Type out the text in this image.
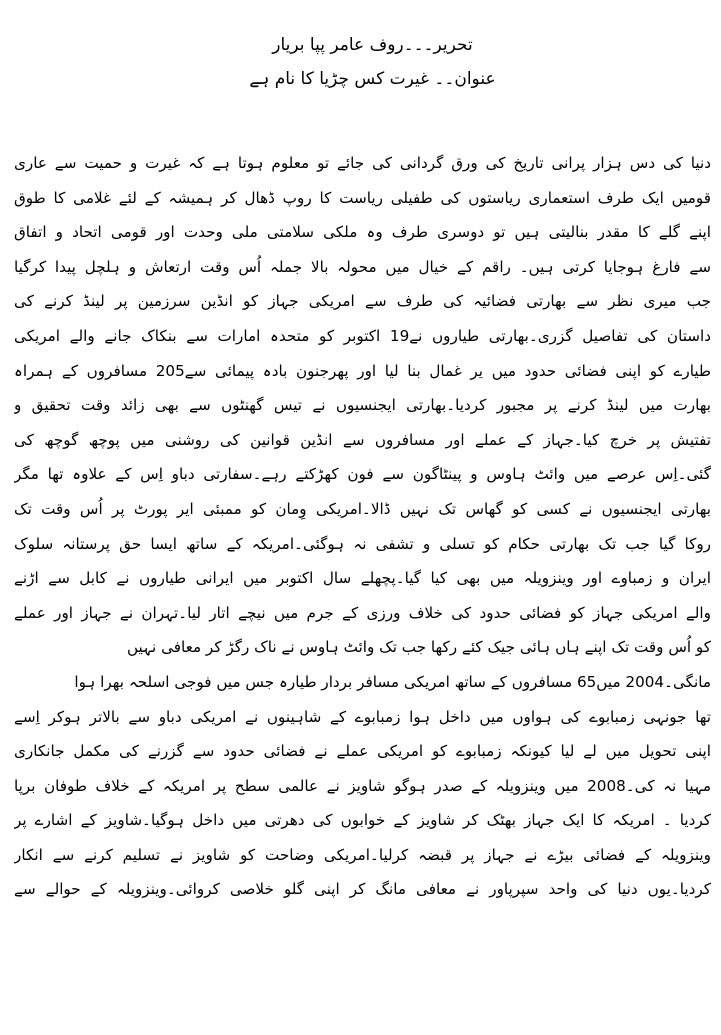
تحریر۔۔۔روف عامر پپا بریار
عنوان۔۔ غیرت کس چڑیا کا نام ہے
دنیا کی دس ہزار پرانی تاریخ کی ورق گردانی کی جائے تو معلوم ہوتا ہے کہ غیرت و حمیت سے عاری
قومیں ایک طرف استعماری ریاستوں کی طفیلی ریاست کا روپ ڈھال کر ہمیشہ کے لئے غلامی کا طوق
اپنے گلے کا مقدر بنالیتی ہیں تو دوسری طرف وہ ملکی سلامتی ملی وحدت اور قومی اتحاد و اتفاق
سے فارغ ہوجایا کرتی ہیں۔ راقم کے خیال میں محولہ بالا جملہ اُس وقت ارتعاش و ہلچل پیدا کرگیا
جب میری نظر سے بھارتی فضائیہ کی طرف سے امریکی جہاز کو انڈین سرزمین پر لینڈ کرنے کی
داستان کی تفاصیل گزری۔بھارتی طیاروں نے19 اکتوبر کو متحدہ امارات سے بنکاک جانے والے امریکی
طیارے کو اپنی فضائی حدود میں یر غمال بنا لیا اور پھرجنون بادہ پیمائی سے205 مسافروں کے ہمراہ
بھارت میں لینڈ کرنے پر مجبور کردیا۔بھارتی ایجنسیوں نے تیس گھنٹوں سے بھی زائد وقت تحقیق و
تفتیش پر خرچ کیا۔جہاز کے عملے اور مسافروں سے انڈین قوانین کی روشنی میں پوچھ گوچھ کی
گئی۔اِس عرصے میں وائٹ ہاوس و پینٹاگون سے فون کھڑکتے رہے۔سفارتی دباو اِس کے علاوہ تھا مگر
بھارتی ایجنسیوں نے کسی کو گھاس تک نہیں ڈالا۔امریکی وِمان کو ممبئی ایر پورٹ پر اُس وقت تک
روکا گیا جب تک بھارتی حکام کو تسلی و تشفی نہ ہوگئی۔امریکہ کے ساتھ ایسا حق پرستانہ سلوک
ایران و زمباوے اور وینزویلہ میں بھی کیا گیا۔پچھلے سال اکتوبر میں ایرانی طیاروں نے کابل سے اڑنے
والے امریکی جہاز کو فضائی حدود کی خلاف ورزی کے جرم میں نیچے اتار لیا۔تہران نے جہاز اور عملے
کو اُس وقت تک اپنے ہاں ہائی جیک کئے رکھا جب تک وائٹ ہاوس نے ناک رگڑ کر معافی نہیں
مانگی۔2004 میں65 مسافروں کے ساتھ امریکی مسافر بردار طیارہ جس میں فوجی اسلحہ بھرا ہوا
تھا جونہی زمبابوے کی ہواوں میں داخل ہوا زمبابوے کے شاہینوں نے امریکی دباو سے بالاتر ہوکر اِسے
اپنی تحویل میں لے لیا کیونکہ زمبابوے کو امریکی عملے نے فضائی حدود سے گزرنے کی مکمل جانکاری
مہیا نہ کی۔2008 میں وینزویلہ کے صدر ہوگو شاویز نے عالمی سطح پر امریکہ کے خلاف طوفان برپا
کردیا ۔ امریکہ کا ایک جہاز بھٹک کر شاویز کے خوابوں کی دھرتی میں داخل ہوگیا۔شاویز کے اشارے پر
وینزویلہ کے فضائی بیڑے نے جہاز پر قبضہ کرلیا۔امریکی وضاحت کو شاویز نے تسلیم کرنے سے انکار
کردیا۔یوں دنیا کی واحد سپرپاور نے معافی مانگ کر اپنی گلو خلاصی کروائی۔وینزویلہ کے حوالے سے
